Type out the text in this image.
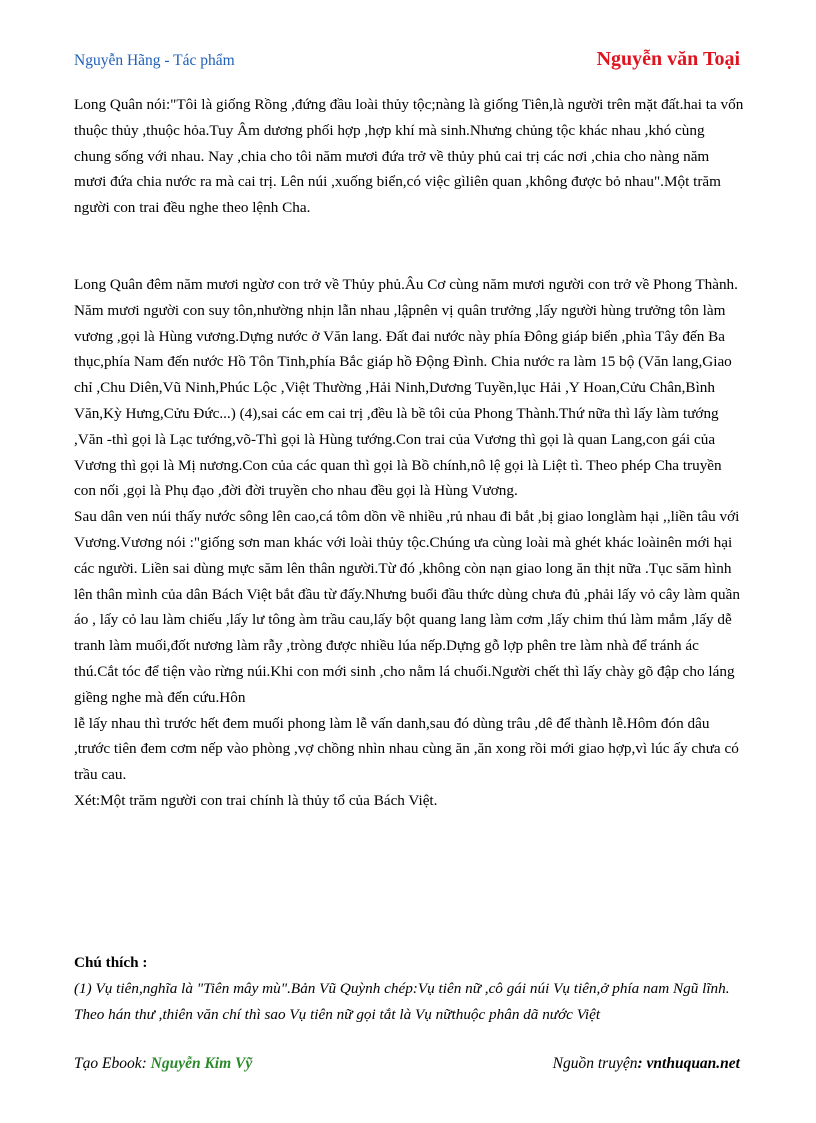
Nguyễn Hãng - Tác phẩm	Nguyễn văn Toại

Long Quân nói:"Tôi là giống Rồng ,đứng đầu loài thủy tộc;nàng là giống Tiên,là người trên mặt đất.hai ta vốn thuộc thủy ,thuộc hỏa.Tuy Âm dương phối hợp ,hợp khí mà sinh.Nhưng chủng tộc khác nhau ,khó cùng chung sống với nhau. Nay ,chia cho tôi năm mươi đứa trở về thủy phủ cai trị các nơi ,chia cho nàng năm mươi đứa chia nước ra mà cai trị. Lên núi ,xuống biển,có việc gìliên quan ,không được bỏ nhau".Một trăm người con trai đều nghe theo lệnh Cha.

Long Quân đêm năm mươi ngừơ con trở về Thủy phủ.Âu Cơ cùng năm mươi người con trở về Phong Thành. Năm mươi người con suy tôn,nhường nhịn lẫn nhau ,lậpnên vị quân trưởng ,lấy người hùng trưởng tôn làm vương ,gọi là Hùng vương.Dựng nước ở Văn lang. Đất đai nước này phía Đông giáp biển ,phìa Tây đến Ba thục,phía Nam đến nước Hồ Tôn Tinh,phía Bắc giáp hồ Động Đình. Chia nước ra làm 15 bộ (Văn lang,Giao chỉ ,Chu Diên,Vũ Ninh,Phúc Lộc ,Việt Thường ,Hải Ninh,Dương Tuyền,lục Hải ,Y Hoan,Cửu Chân,Bình Văn,Kỳ Hưng,Cửu Đức...) (4),sai các em cai trị ,đều là bề tôi của Phong Thành.Thứ nữa thì lấy làm tướng ,Văn -thì gọi là Lạc tướng,võ-Thì gọi là Hùng tướng.Con trai của Vương thì gọi là quan Lang,con gái của Vương thì gọi là Mị nương.Con của các quan thì gọi là Bồ chính,nô lệ gọi là Liệt tì. Theo phép Cha truyền con nối ,gọi là Phụ đạo ,đời đời truyền cho nhau đều gọi là Hùng Vương.

Sau dân ven núi thấy nước sông lên cao,cá tôm dồn về nhiều ,rủ nhau đi bắt ,bị giao longlàm hại ,,liền tâu với Vương.Vương nói :"giống sơn man khác với loài thủy tộc.Chúng ưa cùng loài mà ghét khác loàinên mới hại các người. Liền sai dùng mực săm lên thân người.Từ đó ,không còn nạn giao long ăn thịt nữa .Tục săm hình lên thân mình của dân Bách Việt bắt đầu từ đấy.Nhưng buổi đầu thức dùng chưa đủ ,phải lấy vỏ cây làm quần áo , lấy cỏ lau làm chiếu ,lấy lư tông àm trầu cau,lấy bột quang lang làm cơm ,lấy chim thú làm mắm ,lấy dễ tranh làm muối,đốt nương làm rẫy ,tròng được nhiều lúa nếp.Dựng gỗ lợp phên tre làm nhà để tránh ác thú.Cắt tóc để tiện vào rừng núi.Khi con mới sinh ,cho nằm lá chuối.Người chết thì lấy chày gõ đập cho láng giềng nghe mà đến cứu.Hôn

lễ lấy nhau thì trước hết đem muối phong làm lễ vấn danh,sau đó dùng trâu ,dê để thành lễ.Hôm đón dâu ,trước tiên đem cơm nếp vào phòng ,vợ chồng nhìn nhau cùng ăn ,ăn xong rồi mới giao hợp,vì lúc ấy chưa có trầu cau.

Xét:Một trăm người con trai chính là thủy tổ của Bách Việt.

Chú thích :

(1) Vụ tiên,nghĩa là "Tiên mây mù".Bản Vũ Quỳnh chép:Vụ tiên nữ ,cô gái núi Vụ tiên,ở phía nam Ngũ lĩnh. Theo hán thư ,thiên văn chí thì sao Vụ tiên nữ gọi tắt là Vụ nữthuộc phân dã nước Việt

Tạo Ebook: Nguyễn Kim Vỹ	Nguồn truyện: vnthuquan.net
